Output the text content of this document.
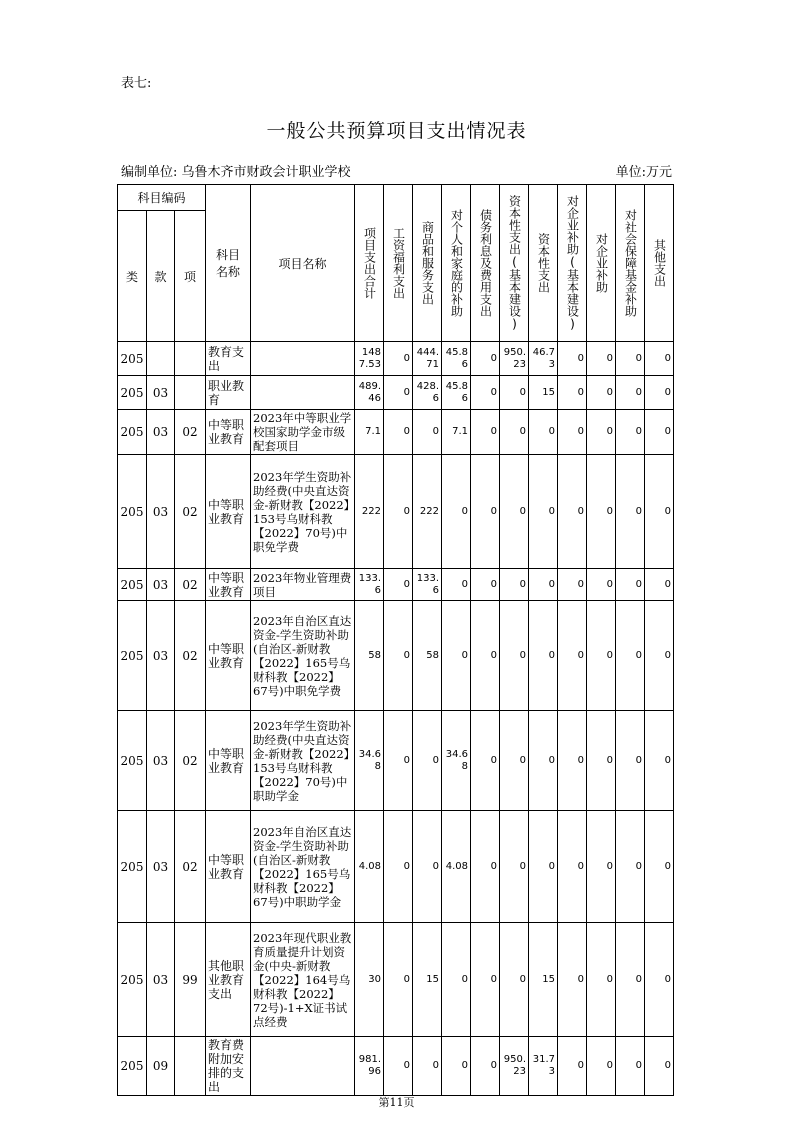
表七:
一般公共预算项目支出情况表
编制单位: 乌鲁木齐市财政会计职业学校	单位:万元
科目编码			科目名称	项目名称	项目支出合计	工资福利支出	商品和服务支出	对个人和家庭的补助	债务利息及费用支出	资本性支出(基本建设)	资本性支出	对企业补助(基本建设)	对企业补助	对社会保障基金补助	其他支出
类	款	项													
205			教育支出		1487.53	0	444.71	45.86	0	950.23	46.73	0	0	0	0
205	03		职业教育		489.46	0	428.6	45.86	0	0	15	0	0	0	0
205	03	02	中等职业教育	2023年中等职业学校国家助学金市级配套项目	7.1	0	0	7.1	0	0	0	0	0	0	0
205	03	02	中等职业教育	2023年学生资助补助经费(中央直达资金-新财教【2022】153号乌财科教【2022】70号)中职免学费	222	0	222	0	0	0	0	0	0	0	0
205	03	02	中等职业教育	2023年物业管理费项目	133.6	0	133.6	0	0	0	0	0	0	0	0
205	03	02	中等职业教育	2023年自治区直达资金-学生资助补助(自治区-新财教【2022】165号乌财科教【2022】67号)中职免学费	58	0	58	0	0	0	0	0	0	0	0
205	03	02	中等职业教育	2023年学生资助补助经费(中央直达资金-新财教【2022】153号乌财科教【2022】70号)中职助学金	34.68	0	0	34.68	0	0	0	0	0	0	0
205	03	02	中等职业教育	2023年自治区直达资金-学生资助补助(自治区-新财教【2022】165号乌财科教【2022】67号)中职助学金	4.08	0	0	4.08	0	0	0	0	0	0	0
205	03	99	其他职业教育支出	2023年现代职业教育质量提升计划资金(中央-新财教【2022】164号乌财科教【2022】72号)-1+X证书试点经费	30	0	15	0	0	0	15	0	0	0	0
205	09		教育费附加安排的支出		981.96	0	0	0	0	950.23	31.73	0	0	0	0
第11页
